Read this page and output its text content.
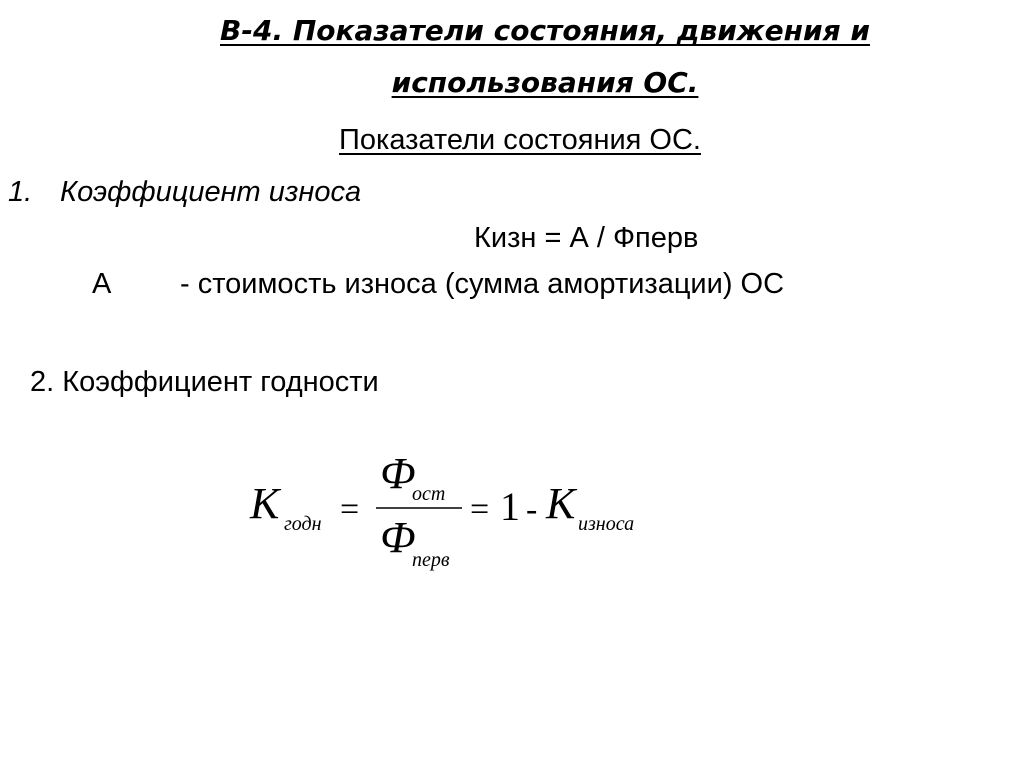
В-4. Показатели состояния, движения и
использования ОС.
Показатели состояния ОС.
1. Коэффициент износа
Кизн = А / Фперв
А - стоимость износа (сумма амортизации) ОС
2. Коэффициент годности
К годн =
Ф
ост
Ф
перв
= 1 - К износа
